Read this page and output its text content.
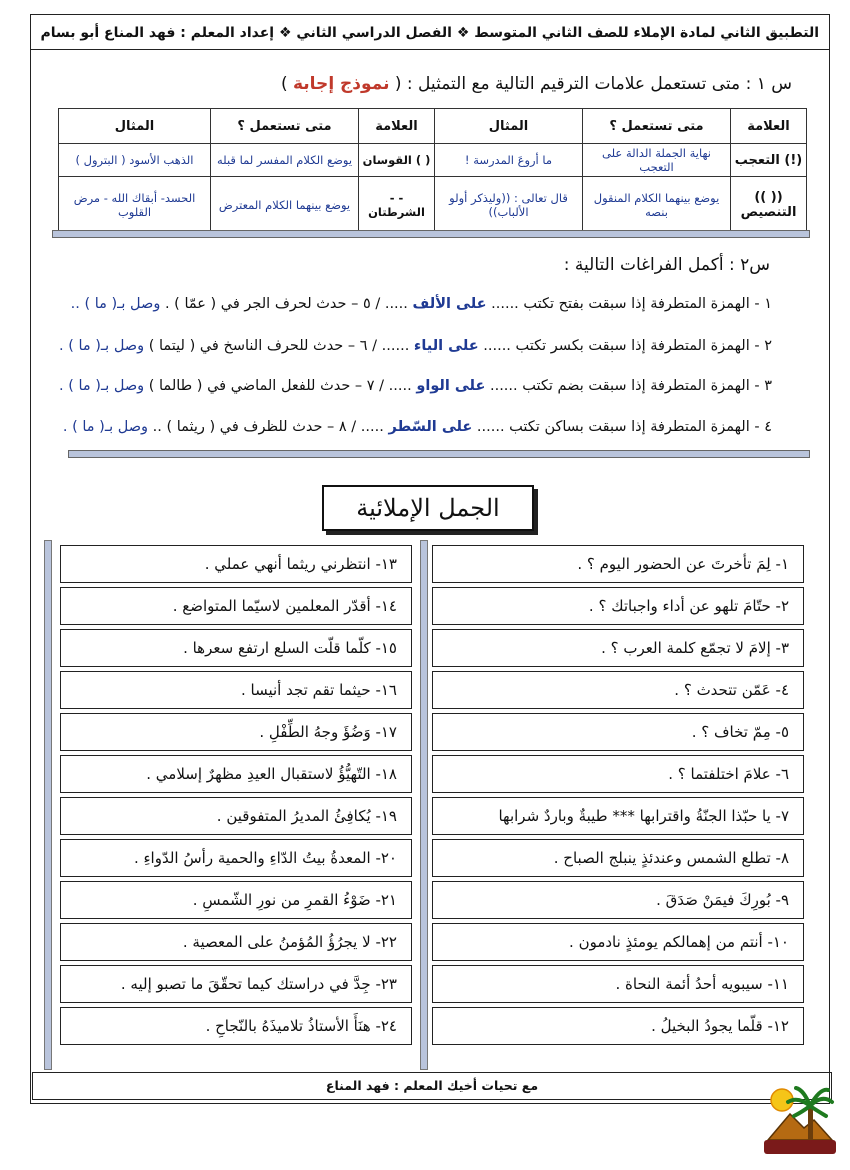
التطبيق الثاني لمادة الإملاء للصف الثاني المتوسط ❖ الفصل الدراسي الثاني ❖ إعداد المعلم : فهد المناع أبو بسام
س ١ : متى تستعمل علامات الترقيم التالية مع التمثيل : ( نموذج إجابة )
العلامة	متى تستعمل ؟	المثال	العلامة	متى تستعمل ؟	المثال
(!) التعجب	نهاية الجملة الدالة على التعجب	ما أروعَ المدرسة !	( ) القوسان	يوضع الكلام المفسر لما قبله	الذهب الأسود ( البترول )
(( )) التنصيص	يوضع بينهما الكلام المنقول بنصه	قال تعالى : ((وليذكر أولو الألباب))	- - الشرطتان	يوضع بينهما الكلام المعترض	الحسد- أبقاك الله - مرض القلوب
س٢ : أكمل الفراغات التالية :
١ - الهمزة المتطرفة إذا سبقت بفتح تكتب ...... على الألف ..... / ٥ – حدث لحرف الجر في ( عمّا ) . وصل بـ( ما ) ..
٢ - الهمزة المتطرفة إذا سبقت بكسر تكتب ...... على الياء ...... / ٦ – حدث للحرف الناسخ في ( ليتما ) وصل بـ( ما ) .
٣ - الهمزة المتطرفة إذا سبقت بضم تكتب ...... على الواو ..... / ٧ – حدث للفعل الماضي في ( طالما ) وصل بـ( ما ) .
٤ - الهمزة المتطرفة إذا سبقت بساكن تكتب ...... على السّطر ..... / ٨ – حدث للظرف في ( ريثما ) .. وصل بـ( ما ) .
الجمل الإملائية
١- لِمَ تأخرتَ عن الحضور اليوم ؟ .
٢- حتّامَ تلهو عن أداء واجباتك ؟ .
٣- إلامَ لا تجمّع كلمة العرب ؟ .
٤- عَمّن تتحدث ؟ .
٥- مِمّ تخاف ؟ .
٦- علامَ اختلفتما ؟ .
٧- يا حبّذا الجنّةُ واقترابها *** طيبةٌ وباردٌ شرابها
٨- تطلع الشمس وعندئذٍ ينبلج الصباح .
٩- بُورِكَ فيمَنْ صَدَقَ .
١٠- أنتم من إهمالكم يومئذٍ نادمون .
١١- سيبويه أحدُ أئمة النحاة .
١٢- قلّما يجودُ البخيلُ .
١٣- انتظرني ريثما أنهي عملي .
١٤- أقدّر المعلمين لاسيّما المتواضع .
١٥- كلّما قلّت السلع ارتفع سعرها .
١٦- حيثما تقم تجد أنيسا .
١٧- وَضُؤَ وجهُ الطِّفْلِ .
١٨- التّهيُّؤُ لاستقبال العيدِ مظهرٌ إسلامي .
١٩- يُكافِئُ المديرُ المتفوقين .
٢٠- المعدةُ بيتُ الدّاءِ والحمية رأسُ الدّواءِ .
٢١- ضَوْءُ القمرِ من نورِ الشّمسِ .
٢٢- لا يجرُؤُ المُؤمنُ على المعصية .
٢٣- جِدَّ في دراستك كيما تحقّقَ ما تصبو إليه .
٢٤- هنَأَ الأستاذُ تلاميذَهُ بالنّجاحِ .
مع تحيات أخيك المعلم : فهد المناع
